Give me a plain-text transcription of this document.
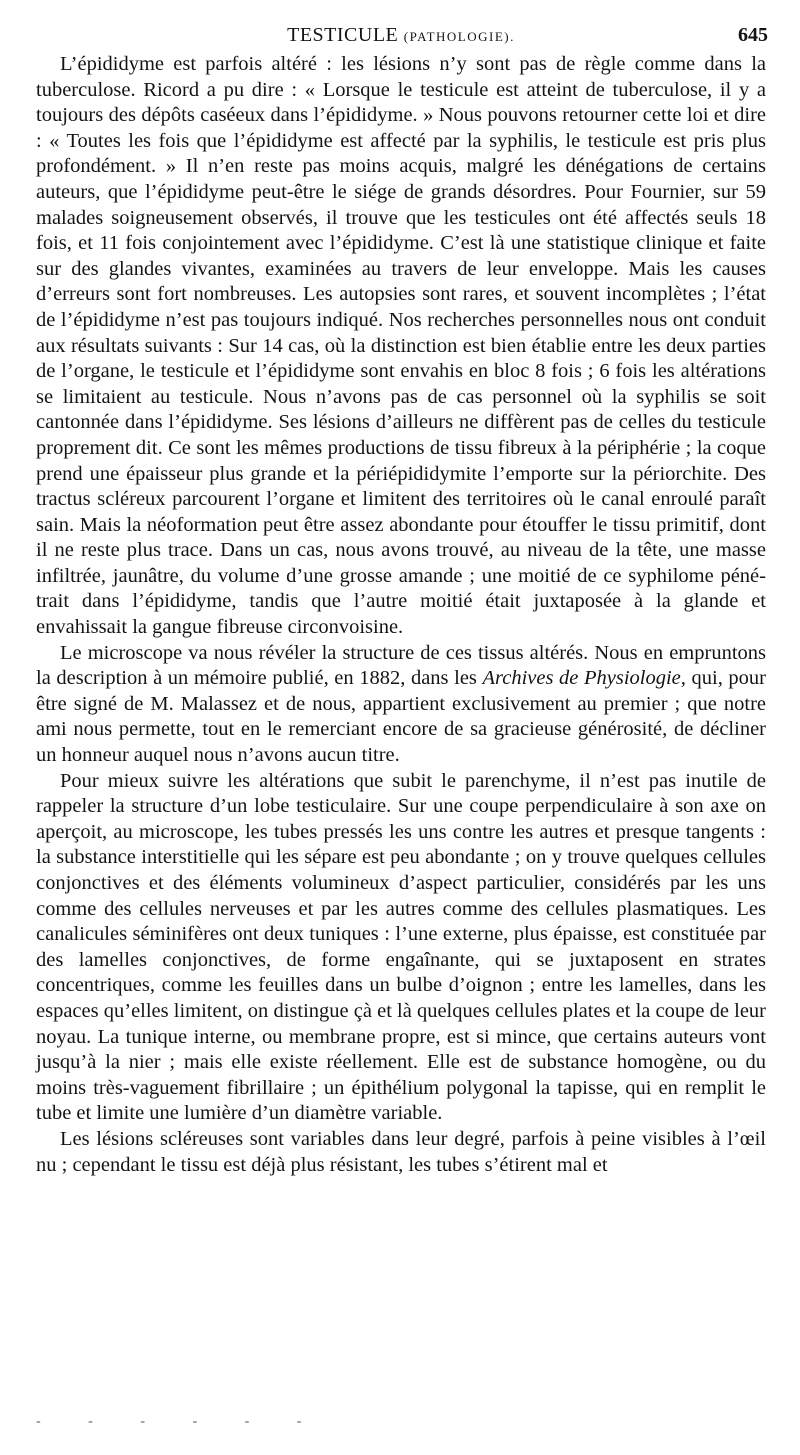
TESTICULE (PATHOLOGIE).	645

L’épididyme est parfois altéré : les lésions n’y sont pas de règle comme dans la tuberculose. Ricord a pu dire : « Lorsque le testicule est atteint de tuberculose, il y a toujours des dépôts caséeux dans l’épididyme. » Nous pouvons retourner cette loi et dire : « Toutes les fois que l’épididyme est affecté par la syphilis, le testicule est pris plus profondément. » Il n’en reste pas moins acquis, malgré les dénégations de certains auteurs, que l’épididyme peut-être le siége de grands désordres. Pour Fournier, sur 59 malades soigneusement observés, il trouve que les testicules ont été affectés seuls 18 fois, et 11 fois conjointement avec l’épididyme. C’est là une statistique clinique et faite sur des glandes vivantes, examinées au travers de leur enveloppe. Mais les causes d’erreurs sont fort nombreuses. Les autopsies sont rares, et souvent incomplètes ; l’état de l’épididyme n’est pas toujours indiqué. Nos recherches personnelles nous ont conduit aux résultats suivants : Sur 14 cas, où la distinction est bien établie entre les deux parties de l’organe, le testicule et l’épididyme sont envahis en bloc 8 fois ; 6 fois les altérations se limitaient au testicule. Nous n’avons pas de cas personnel où la syphilis se soit cantonnée dans l’épididyme. Ses lésions d’ailleurs ne diffèrent pas de celles du testicule proprement dit. Ce sont les mêmes productions de tissu fibreux à la périphérie ; la coque prend une épaisseur plus grande et la périépididymite l’emporte sur la périorchite. Des tractus scléreux parcourent l’organe et limitent des territoires où le canal enroulé paraît sain. Mais la néoformation peut être assez abondante pour étouffer le tissu primitif, dont il ne reste plus trace. Dans un cas, nous avons trouvé, au niveau de la tête, une masse infiltrée, jaunâtre, du volume d’une grosse amande ; une moitié de ce syphilome pénétrait dans l’épididyme, tandis que l’autre moitié était juxtaposée à la glande et envahissait la gangue fibreuse circonvoisine.

Le microscope va nous révéler la structure de ces tissus altérés. Nous en empruntons la description à un mémoire publié, en 1882, dans les Archives de Physiologie, qui, pour être signé de M. Malassez et de nous, appartient exclusivement au premier ; que notre ami nous permette, tout en le remerciant encore de sa gracieuse générosité, de décliner un honneur auquel nous n’avons aucun titre.

Pour mieux suivre les altérations que subit le parenchyme, il n’est pas inutile de rappeler la structure d’un lobe testiculaire. Sur une coupe perpendiculaire à son axe on aperçoit, au microscope, les tubes pressés les uns contre les autres et presque tangents : la substance interstitielle qui les sépare est peu abondante ; on y trouve quelques cellules conjonctives et des éléments volumineux d’aspect particulier, considérés par les uns comme des cellules nerveuses et par les autres comme des cellules plasmatiques. Les canalicules séminifères ont deux tuniques : l’une externe, plus épaisse, est constituée par des lamelles conjonctives, de forme engaînante, qui se juxtaposent en strates concentriques, comme les feuilles dans un bulbe d’oignon ; entre les lamelles, dans les espaces qu’elles limitent, on distingue çà et là quelques cellules plates et la coupe de leur noyau. La tunique interne, ou membrane propre, est si mince, que certains auteurs vont jusqu’à la nier ; mais elle existe réellement. Elle est de substance homogène, ou du moins très-vaguement fibrillaire ; un épithélium polygonal la tapisse, qui en remplit le tube et limite une lumière d’un diamètre variable.

Les lésions scléreuses sont variables dans leur degré, parfois à peine visibles à l’œil nu ; cependant le tissu est déjà plus résistant, les tubes s’étirent mal et

- - - - - -
